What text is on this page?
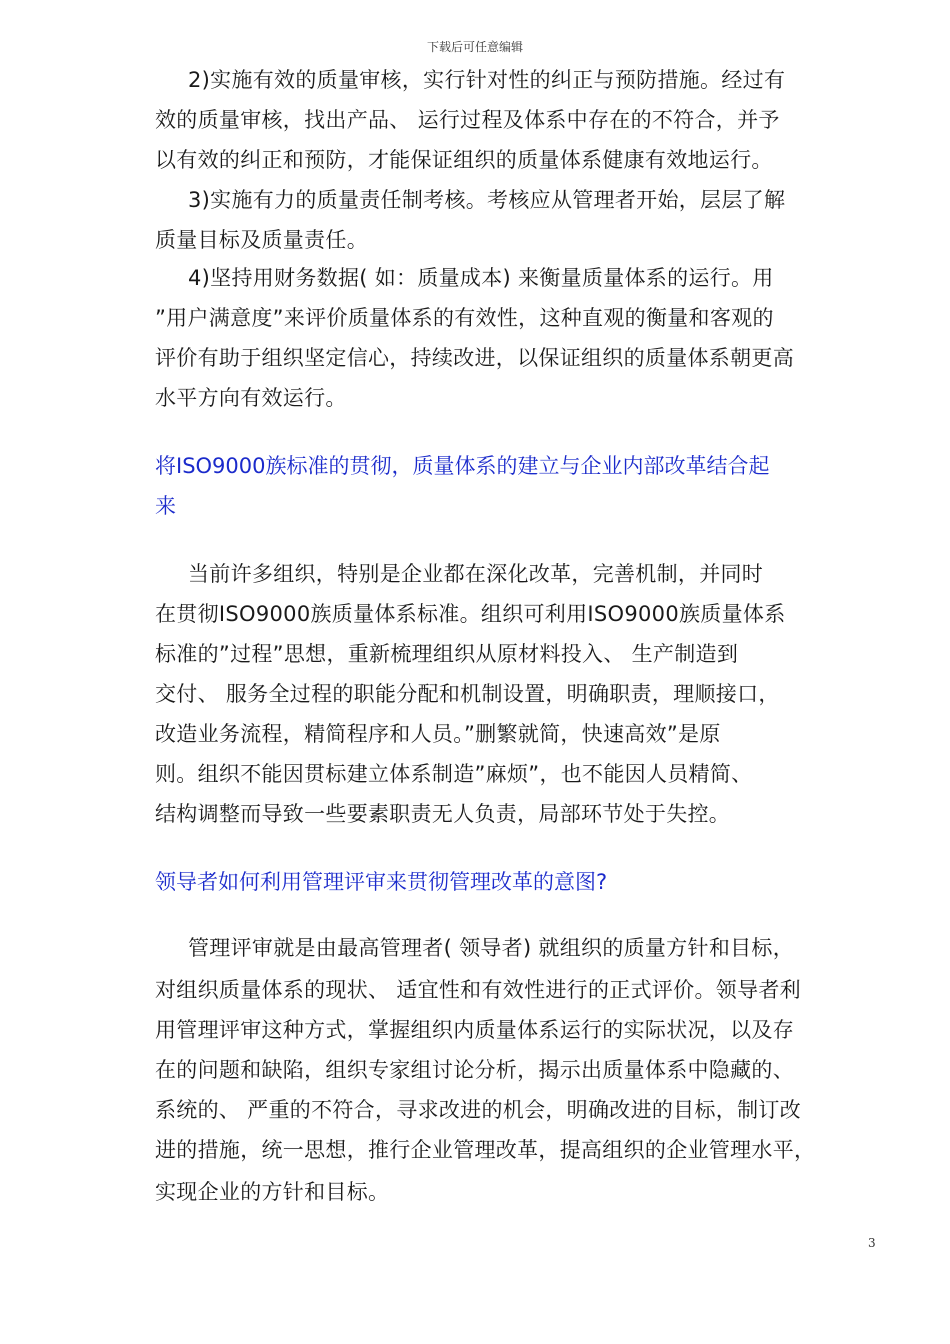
下载后可任意编辑
2)实施有效的质量审核，实行针对性的纠正与预防措施。经过有
效的质量审核，找出产品、 运行过程及体系中存在的不符合，并予
以有效的纠正和预防，才能保证组织的质量体系健康有效地运行。
3)实施有力的质量责任制考核。考核应从管理者开始，层层了解
质量目标及质量责任。
4)坚持用财务数据( 如：质量成本) 来衡量质量体系的运行。用
”用户满意度”来评价质量体系的有效性，这种直观的衡量和客观的
评价有助于组织坚定信心，持续改进，以保证组织的质量体系朝更高
水平方向有效运行。
将ISO9000族标准的贯彻，质量体系的建立与企业内部改革结合起
来
当前许多组织，特别是企业都在深化改革，完善机制，并同时
在贯彻ISO9000族质量体系标准。组织可利用ISO9000族质量体系
标准的”过程”思想，重新梳理组织从原材料投入、 生产制造到
交付、 服务全过程的职能分配和机制设置，明确职责，理顺接口，
改造业务流程，精简程序和人员。”删繁就简，快速高效”是原
则。组织不能因贯标建立体系制造”麻烦”，也不能因人员精简、
结构调整而导致一些要素职责无人负责，局部环节处于失控。
领导者如何利用管理评审来贯彻管理改革的意图?
管理评审就是由最高管理者( 领导者) 就组织的质量方针和目标，
对组织质量体系的现状、 适宜性和有效性进行的正式评价。领导者利
用管理评审这种方式，掌握组织内质量体系运行的实际状况，以及存
在的问题和缺陷，组织专家组讨论分析，揭示出质量体系中隐藏的、
系统的、 严重的不符合，寻求改进的机会，明确改进的目标，制订改
进的措施，统一思想，推行企业管理改革，提高组织的企业管理水平，
实现企业的方针和目标。
3
